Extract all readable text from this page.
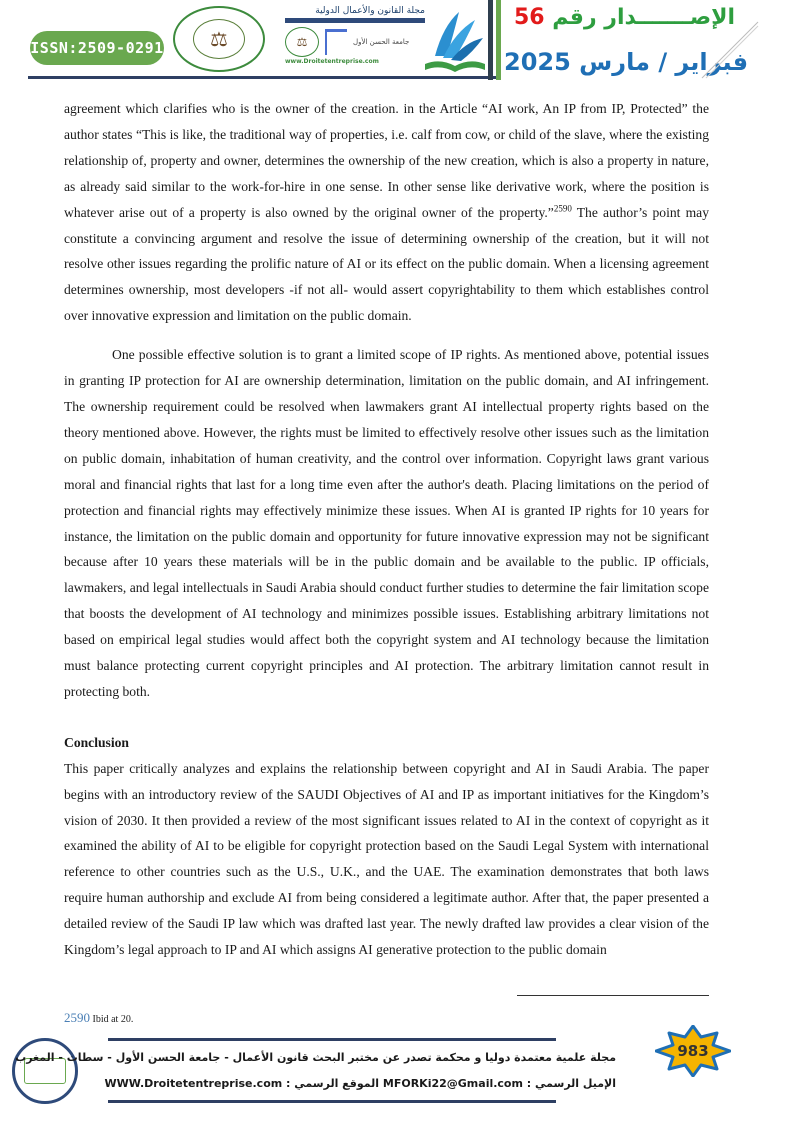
ISSN:2509-0291	⚖
مجلة القانون والأعمال الدولية
⚖	جامعة الحسن الأول
www.Droitetentreprise.com
56 الإصـــــــدار رقم
فبراير / مارس 2025

agreement which clarifies who is the owner of the creation. in the Article “AI work, An IP from IP, Protected” the author states “This is like, the traditional way of properties, i.e. calf from cow, or child of the slave, where the existing relationship of, property and owner, determines the ownership of the new creation, which is also a property in nature, as already said similar to the work-for-hire in one sense. In other sense like derivative work, where the position is whatever arise out of a property is also owned by the original owner of the property.”$^{2590}$ The author’s point may constitute a convincing argument and resolve the issue of determining ownership of the creation, but it will not resolve other issues regarding the prolific nature of AI or its effect on the public domain. When a licensing agreement determines ownership, most developers -if not all- would assert copyrightability to them which establishes control over innovative expression and limitation on the public domain.

One possible effective solution is to grant a limited scope of IP rights. As mentioned above, potential issues in granting IP protection for AI are ownership determination, limitation on the public domain, and AI infringement. The ownership requirement could be resolved when lawmakers grant AI intellectual property rights based on the theory mentioned above. However, the rights must be limited to effectively resolve other issues such as the limitation on public domain, inhabitation of human creativity, and the control over information. Copyright laws grant various moral and financial rights that last for a long time even after the author's death. Placing limitations on the period of protection and financial rights may effectively minimize these issues. When AI is granted IP rights for 10 years for instance, the limitation on the public domain and opportunity for future innovative expression may not be significant because after 10 years these materials will be in the public domain and be available to the public. IP officials, lawmakers, and legal intellectuals in Saudi Arabia should conduct further studies to determine the fair limitation scope that boosts the development of AI technology and minimizes possible issues. Establishing arbitrary limitations not based on empirical legal studies would affect both the copyright system and AI technology because the limitation must balance protecting current copyright principles and AI protection. The arbitrary limitation cannot result in protecting both.

Conclusion

This paper critically analyzes and explains the relationship between copyright and AI in Saudi Arabia. The paper begins with an introductory review of the SAUDI Objectives of AI and IP as important initiatives for the Kingdom’s vision of 2030. It then provided a review of the most significant issues related to AI in the context of copyright as it examined the ability of AI to be eligible for copyright protection based on the Saudi Legal System with international reference to other countries such as the U.S., U.K., and the UAE. The examination demonstrates that both laws require human authorship and exclude AI from being considered a legitimate author. After that, the paper presented a detailed review of the Saudi IP law which was drafted last year. The newly drafted law provides a clear vision of the Kingdom’s legal approach to IP and AI which assigns AI generative protection to the public domain

2590 Ibid at 20.
مجلة علمية معتمدة دوليا و محكمة تصدر عن مختبر البحث قانون الأعمال - جامعة الحسن الأول - سطات - المغرب
الإميل الرسمي : MFORKi22@Gmail.com الموقع الرسمي : WWW.Droitetentreprise.com
983
